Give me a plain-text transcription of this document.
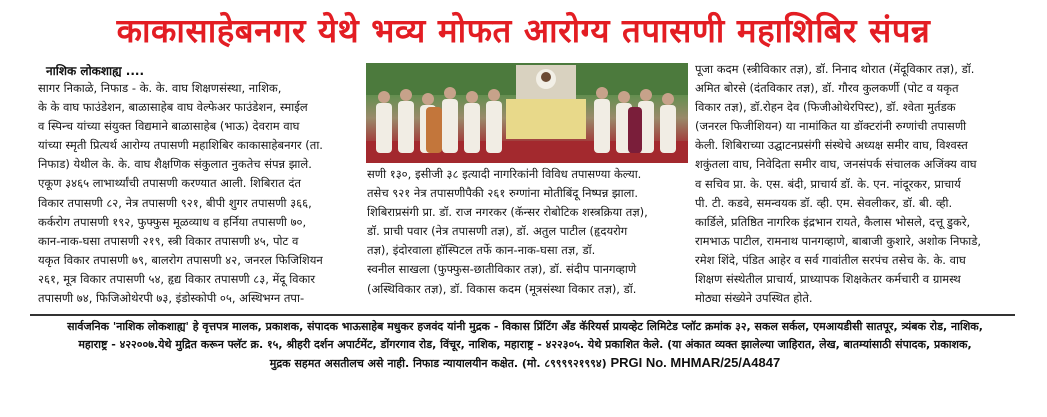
काकासाहेबनगर येथे भव्य मोफत आरोग्य तपासणी महाशिबिर संपन्न
नाशिक लोकशाह्य ....

सागर निकाळे, निफाड - के. के. वाघ शिक्षणसंस्था, नाशिक,

के के वाघ फाउंडेशन, बाळासाहेब वाघ वेल्फेअर फाउंडेशन, स्माईल

व स्पिन्च यांच्या संयुक्त विद्यमाने बाळासाहेब (भाऊ) देवराम वाघ

यांच्या स्मृती प्रित्यर्थ आरोग्य तपासणी महाशिबिर काकासाहेबनगर (ता.

निफाड) येथील के. के. वाघ शैक्षणिक संकुलात नुकतेच संपन्न झाले.

एकूण ३४६५ लाभार्थ्यांची तपासणी करण्यात आली. शिबिरात दंत

विकार तपासणी ८२, नेत्र तपासणी ९२१, बीपी शुगर तपासणी ३६६,

कर्करोग तपासणी १९२, फुफ्फुस मूळव्याध व हर्निया तपासणी ७०,

कान-नाक-घसा तपासणी २१९, स्त्री विकार तपासणी ४५, पोट व

यकृत विकार तपासणी ७९, बालरोग तपासणी ४२, जनरल फिजिशियन

२६१, मूत्र विकार तपासणी ५४, हृद्य विकार तपासणी ८३, मेंदू विकार

तपासणी ७४, फिजिओथेरपी ७३, इंडोस्कोपी ०५, अस्थिभग्न तपा-

सणी १३०, इसीजी ३८ इत्यादी नागरिकांनी विविध तपासण्या केल्या.

तसेच ९२१ नेत्र तपासणीपैकी २६१ रुग्णांना मोतीबिंदू निष्पन्न झाला.

शिबिराप्रसंगी प्रा. डॉ. राज नगरकर (कॅन्सर रोबोटिक शस्त्रक्रिया तज्ञ),

डॉ. प्राची पवार (नेत्र तपासणी तज्ञ), डॉ. अतुल पाटील (हृदयरोग

तज्ञ), इंदोरवाला हॉस्पिटल तर्फे कान-नाक-घसा तज्ञ, डॉ.

स्वनील साखला (फुफ्फुस-छातीविकार तज्ञ), डॉ. संदीप पानगव्हाणे

(अस्थिविकार तज्ञ), डॉ. विकास कदम (मूत्रसंस्था विकार तज्ञ), डॉ.

पूजा कदम (स्त्रीविकार तज्ञ), डॉ. निनाद थोरात (मेंदूविकार तज्ञ), डॉ.

अमित बोरसे (दंतविकार तज्ञ), डॉ. गौरव कुलकर्णी (पोट व यकृत

विकार तज्ञ), डॉ.रोहन देव (फिजीओथेरपिस्ट), डॉ. श्वेता मुर्तडक

(जनरल फिजीशियन) या नामांकित या डॉक्टरांनी रुग्णांची तपासणी

केली. शिबिराच्या उद्घाटनप्रसंगी संस्थेचे अध्यक्ष समीर वाघ, विश्वस्त

शकुंतला वाघ, निवेदिता समीर वाघ, जनसंपर्क संचालक अजिंक्य वाघ

व सचिव प्रा. के. एस. बंदी, प्राचार्य डॉ. के. एन. नांदूरकर, प्राचार्य

पी. टी. कडवे, समन्वयक डॉ. व्ही. एम. सेवलीकर, डॉ. बी. व्ही.

कार्डिले, प्रतिष्ठित नागरिक इंद्रभान रायते, कैलास भोसले, दत्तू डुकरे,

रामभाऊ पाटील, रामनाथ पानगव्हाणे, बाबाजी कुशारे, अशोक निफाडे,

रमेश शिंदे, पंडित आहेर व सर्व गावांतील सरपंच तसेच के. के. वाघ

शिक्षण संस्थेतील प्राचार्य, प्राध्यापक शिक्षकेतर कर्मचारी व ग्रामस्थ

मोठ्या संख्येने उपस्थित होते.

सार्वजनिक 'नाशिक लोकशाह्य' हे वृत्तपत्र मालक, प्रकाशक, संपादक भाऊसाहेब मधुकर हजवंद यांनी मुद्रक - विकास प्रिंटिंग अँड कॅरियर्स प्रायव्हेट लिमिटेड प्लॉट क्रमांक ३२, सकल सर्कल, एमआयडीसी सातपूर, त्र्यंबक रोड, नाशिक,

महाराष्ट्र - ४२२००७.येथे मुद्रित करून फ्लॅट क्र. १५, श्रीहरी दर्शन अपार्टमेंट, डोंगरगाव रोड, विंचूर, नाशिक, महाराष्ट्र - ४२२३०५. येथे प्रकाशित केले. (या अंकात व्यक्त झालेल्या जाहिरात, लेख, बातम्यांसाठी संपादक, प्रकाशक,

मुद्रक सहमत असतीलच असे नाही. निफाड न्यायालयीन कक्षेत. (मो. ८९९९९२१९९४) PRGI No. MHMAR/25/A4847
